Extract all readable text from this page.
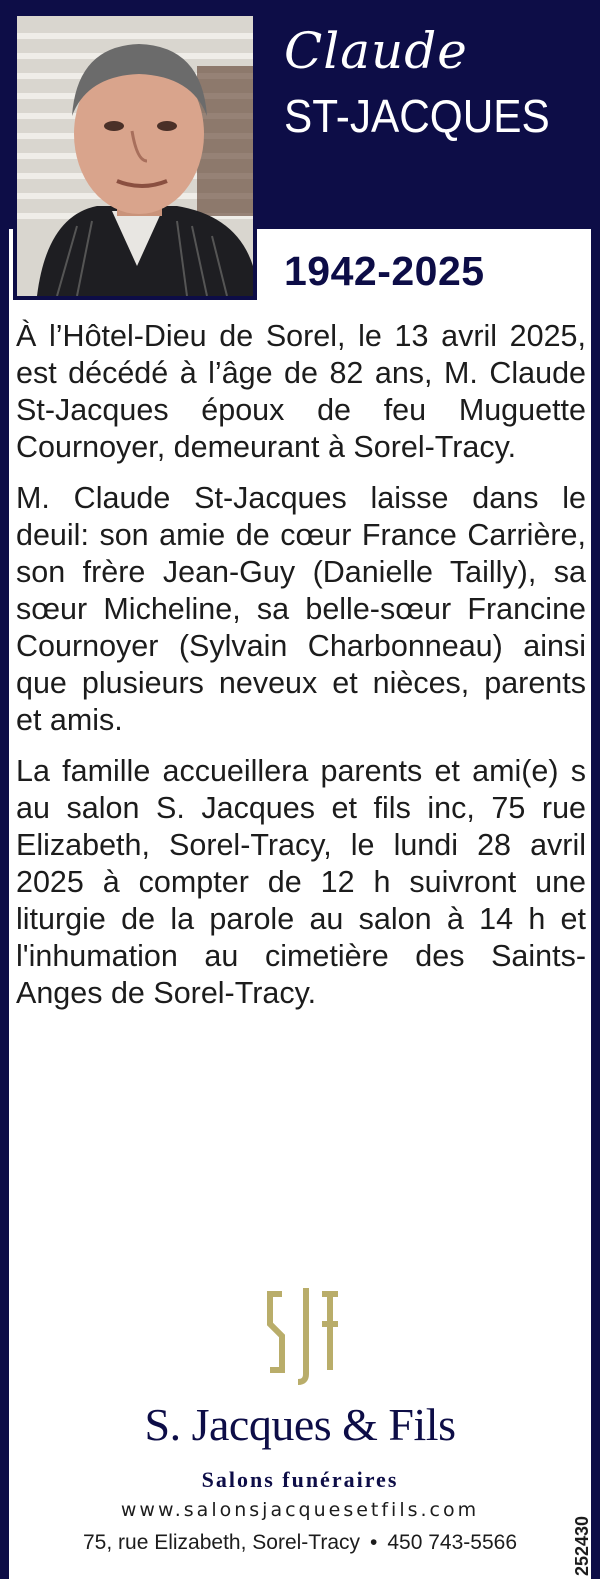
Claude
ST-JACQUES
1942-2025

À l’Hôtel-Dieu de Sorel, le 13 avril 2025, est décédé à l’âge de 82 ans, M. Claude St-Jacques époux de feu Muguette Cournoyer, demeurant à Sorel-Tracy.

M. Claude St-Jacques laisse dans le deuil: son amie de cœur France Carrière, son frère Jean-Guy (Danielle Tailly), sa sœur Micheline, sa belle-sœur Francine Cournoyer (Sylvain Charbonneau) ainsi que plusieurs neveux et nièces, parents et amis.

La famille accueillera parents et ami(e) s au salon S. Jacques et fils inc, 75 rue Elizabeth, Sorel-Tracy, le lundi 28 avril 2025 à compter de 12 h suivront une liturgie de la parole au salon à 14 h et l'inhumation au cimetière des Saints-Anges de Sorel-Tracy.

S. Jacques & Fils
Salons funéraires
www.salonsjacquesetfils.com
75, rue Elizabeth, Sorel-Tracy • 450 743-5566	252430
